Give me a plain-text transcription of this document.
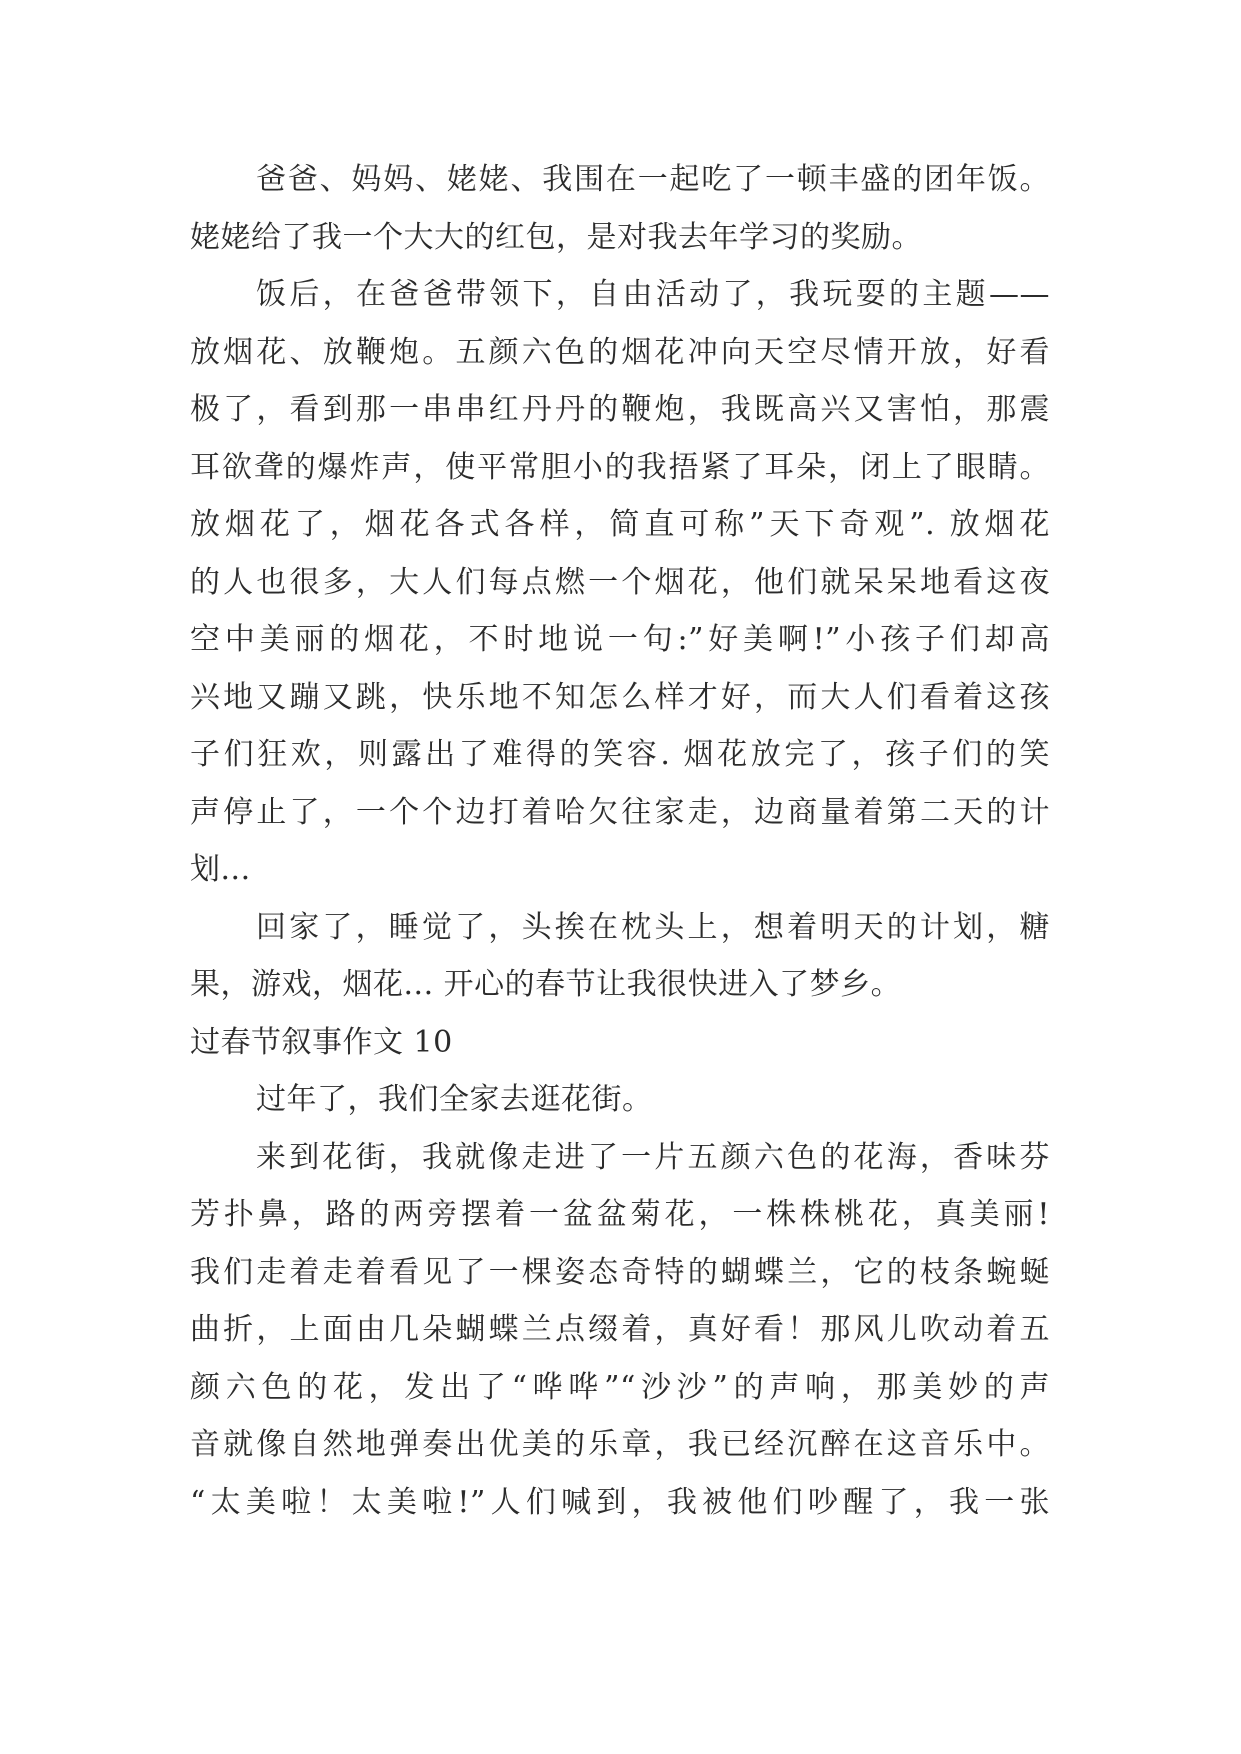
爸爸、妈妈、姥姥、我围在一起吃了一顿丰盛的团年饭。
姥姥给了我一个大大的红包，是对我去年学习的奖励。
饭后，在爸爸带领下，自由活动了，我玩耍的主题——
放烟花、放鞭炮。五颜六色的烟花冲向天空尽情开放，好看
极了，看到那一串串红丹丹的鞭炮，我既高兴又害怕，那震
耳欲聋的爆炸声，使平常胆小的我捂紧了耳朵，闭上了眼睛。
放烟花了，烟花各式各样，简直可称”天下奇观”. 放烟花
的人也很多，大人们每点燃一个烟花，他们就呆呆地看这夜
空中美丽的烟花，不时地说一句:”好美啊!”小孩子们却高
兴地又蹦又跳，快乐地不知怎么样才好，而大人们看着这孩
子们狂欢，则露出了难得的笑容. 烟花放完了，孩子们的笑
声停止了，一个个边打着哈欠往家走，边商量着第二天的计
划...
回家了，睡觉了，头挨在枕头上，想着明天的计划，糖
果，游戏，烟花... 开心的春节让我很快进入了梦乡。
过春节叙事作文 10
过年了，我们全家去逛花街。
来到花街，我就像走进了一片五颜六色的花海，香味芬
芳扑鼻，路的两旁摆着一盆盆菊花，一株株桃花，真美丽!
我们走着走着看见了一棵姿态奇特的蝴蝶兰，它的枝条蜿蜒
曲折，上面由几朵蝴蝶兰点缀着，真好看！那风儿吹动着五
颜六色的花，发出了“哗哗”“沙沙”的声响，那美妙的声
音就像自然地弹奏出优美的乐章，我已经沉醉在这音乐中。
“太美啦！太美啦!”人们喊到，我被他们吵醒了，我一张
